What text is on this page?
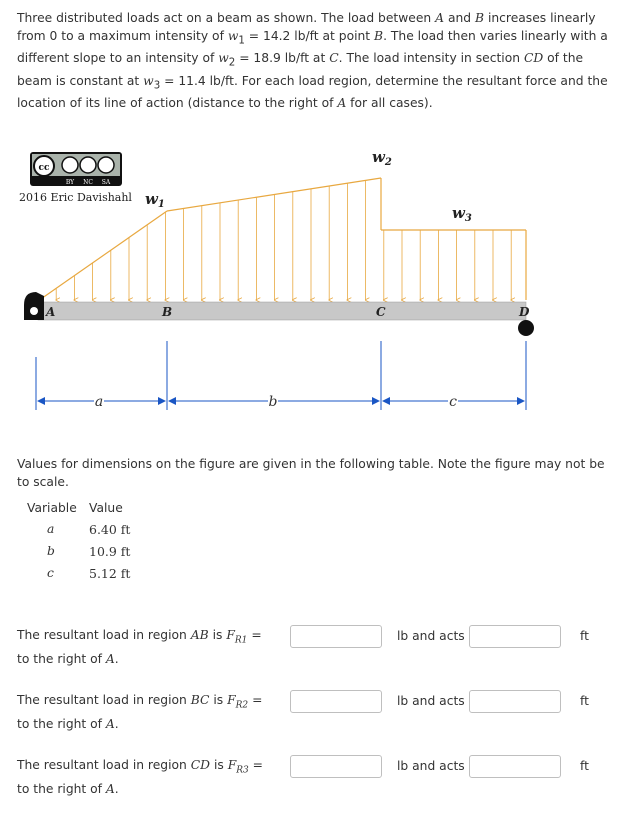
Three distributed loads act on a beam as shown. The load between A and B increases linearly from 0 to a maximum intensity of $w_1 = 14.2$ lb/ft at point B. The load then varies linearly with a different slope to an intensity of $w_2 = 18.9$ lb/ft at C. The load intensity in section CD of the beam is constant at $w_3 = 11.4$ lb/ft. For each load region, determine the resultant force and the location of its line of action (distance to the right of A for all cases).

cc
BY NC SA
2016 Eric Davishahl
A	B	C	D
$w_1$
$w_2$
$w_3$
a	b	c

Values for dimensions on the figure are given in the following table. Note the figure may not be to scale.

Variable	Value
a	6.40 ft
b	10.9 ft
c	5.12 ft
The resultant load in region AB is $F_{R1}$ =
to the right of A.
lb and acts	ft
The resultant load in region BC is $F_{R2}$ =
to the right of A.
lb and acts	ft
The resultant load in region CD is $F_{R3}$ =
to the right of A.
lb and acts	ft
